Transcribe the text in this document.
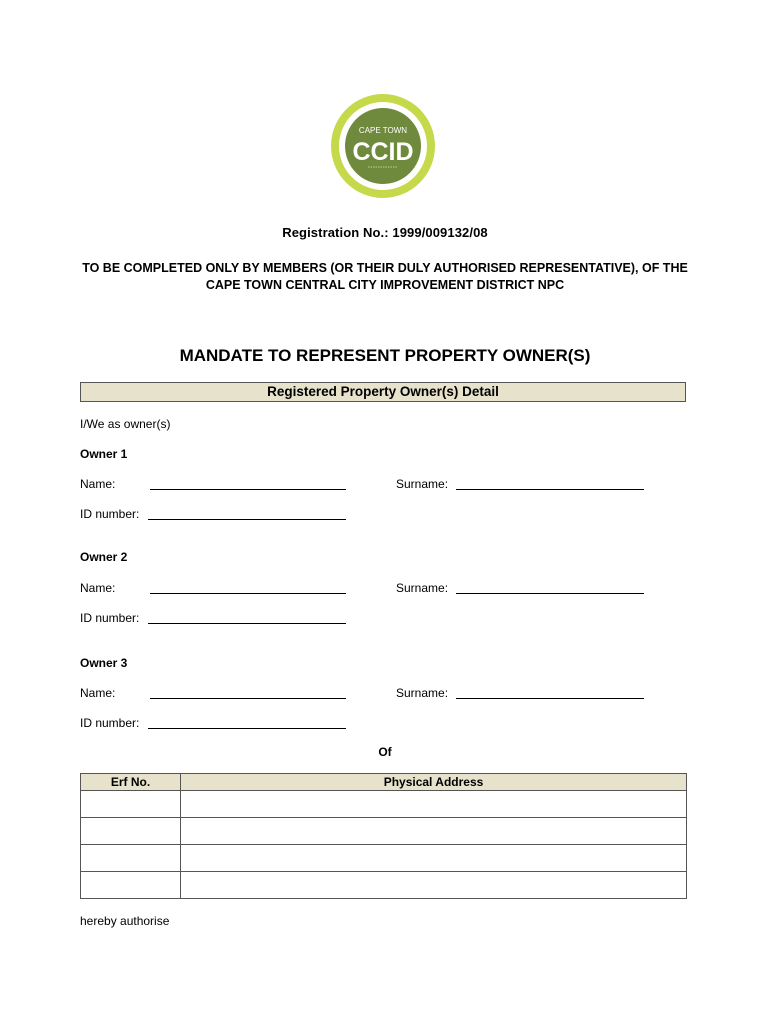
CAPE TOWN
CCID
Registration No.: 1999/009132/08
TO BE COMPLETED ONLY BY MEMBERS (OR THEIR DULY AUTHORISED REPRESENTATIVE), OF THE
CAPE TOWN CENTRAL CITY IMPROVEMENT DISTRICT NPC
MANDATE TO REPRESENT PROPERTY OWNER(S)
Registered Property Owner(s) Detail
I/We as owner(s)
Owner 1
Name:	Surname:
ID number:
Owner 2
Name:	Surname:
ID number:
Owner 3
Name:	Surname:
ID number:
Of
Erf No.	Physical Address

hereby authorise
